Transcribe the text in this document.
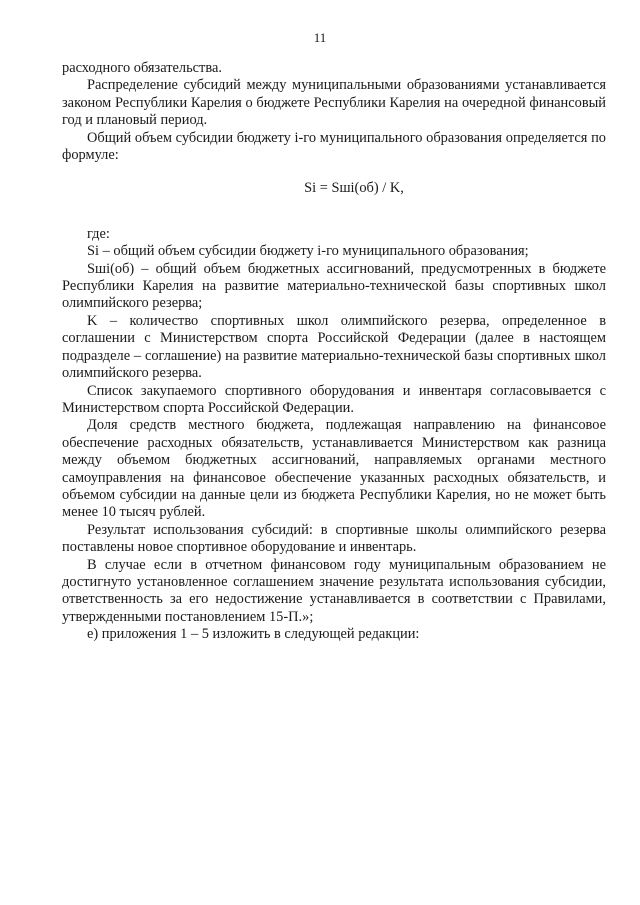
11

расходного обязательства.

Распределение субсидий между муниципальными образованиями устанавливается законом Республики Карелия о бюджете Республики Карелия на очередной финансовый год и плановый период.

Общий объем субсидии бюджету i-го муниципального образования определяется по формуле:

Si = Sшi(об) / K,

где:

Si – общий объем субсидии бюджету i-го муниципального образования;

Sшi(об) – общий объем бюджетных ассигнований, предусмотренных в бюджете Республики Карелия на развитие материально-технической базы спортивных школ олимпийского резерва;

K – количество спортивных школ олимпийского резерва, определенное в соглашении с Министерством спорта Российской Федерации (далее в настоящем подразделе – соглашение) на развитие материально-технической базы спортивных школ олимпийского резерва.

Список закупаемого спортивного оборудования и инвентаря согласовывается с Министерством спорта Российской Федерации.

Доля средств местного бюджета, подлежащая направлению на финансовое обеспечение расходных обязательств, устанавливается Министерством как разница между объемом бюджетных ассигнований, направляемых органами местного самоуправления на финансовое обеспечение указанных расходных обязательств, и объемом субсидии на данные цели из бюджета Республики Карелия, но не может быть менее 10 тысяч рублей.

Результат использования субсидий: в спортивные школы олимпийского резерва поставлены новое спортивное оборудование и инвентарь.

В случае если в отчетном финансовом году муниципальным образованием не достигнуто установленное соглашением значение результата использования субсидии, ответственность за его недостижение устанавливается в соответствии с Правилами, утвержденными постановлением 15-П.»;

е) приложения 1 – 5 изложить в следующей редакции:
